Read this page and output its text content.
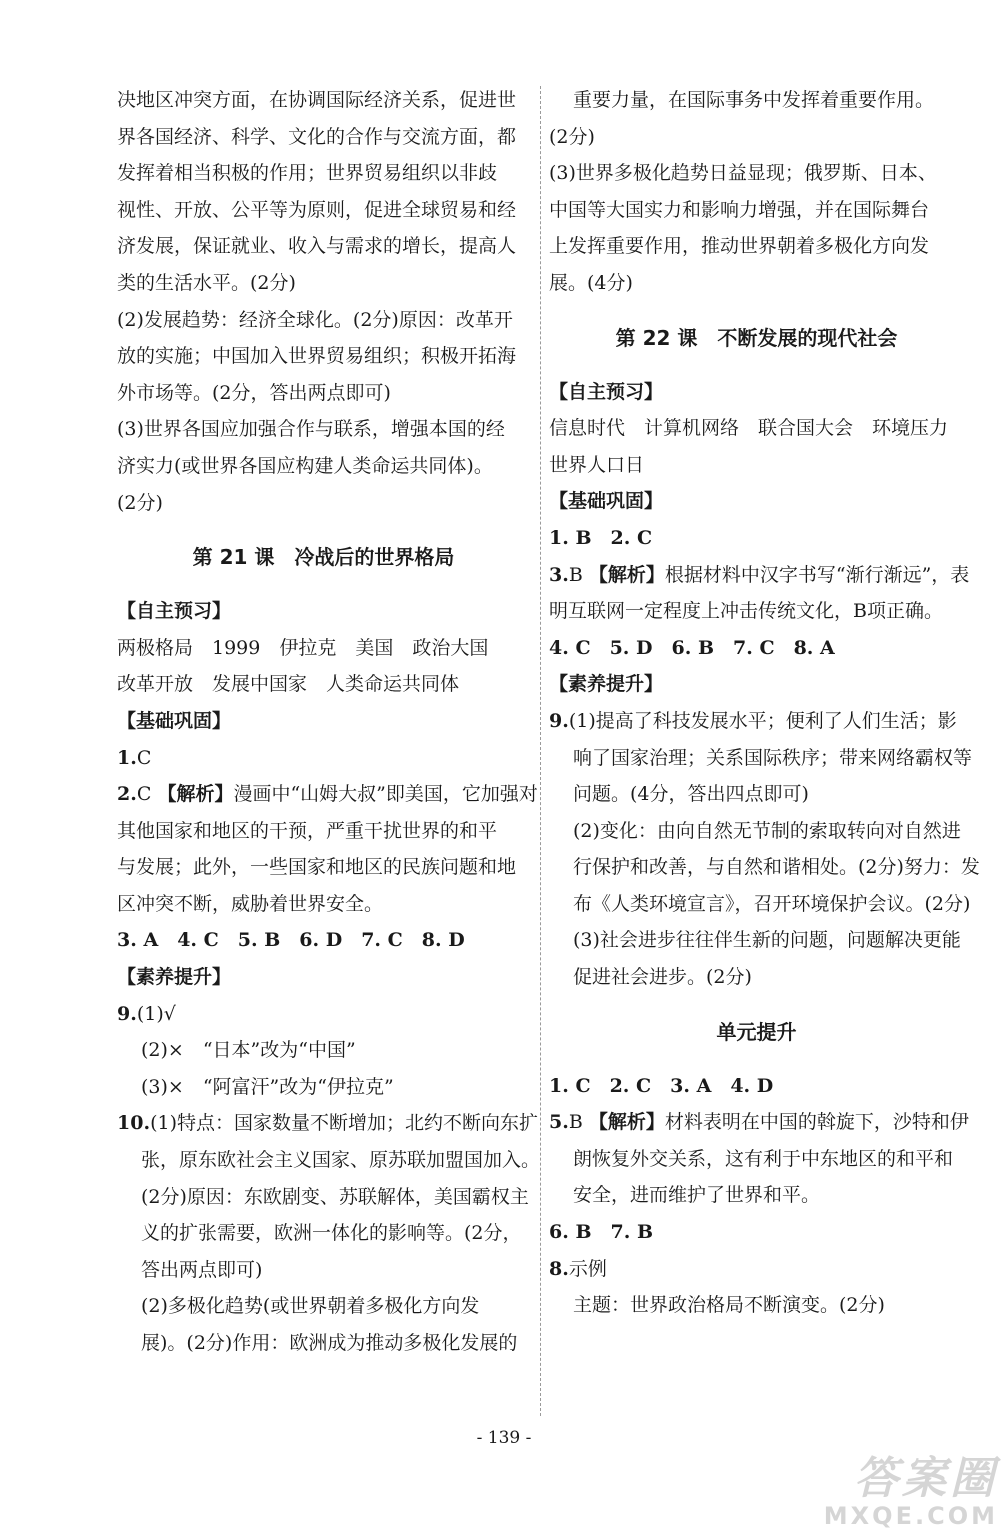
决地区冲突方面，在协调国际经济关系，促进世
界各国经济、科学、文化的合作与交流方面，都
发挥着相当积极的作用；世界贸易组织以非歧
视性、开放、公平等为原则，促进全球贸易和经
济发展，保证就业、收入与需求的增长，提高人
类的生活水平。(2分)
(2)发展趋势：经济全球化。(2分)原因：改革开
放的实施；中国加入世界贸易组织；积极开拓海
外市场等。(2分，答出两点即可)
(3)世界各国应加强合作与联系，增强本国的经
济实力(或世界各国应构建人类命运共同体)。
(2分)
第 21 课　冷战后的世界格局
【自主预习】
两极格局　1999　伊拉克　美国　政治大国
改革开放　发展中国家　人类命运共同体
【基础巩固】
1.C
2.C 【解析】漫画中“山姆大叔”即美国，它加强对
其他国家和地区的干预，严重干扰世界的和平
与发展；此外，一些国家和地区的民族问题和地
区冲突不断，威胁着世界安全。
3. A　4. C　5. B　6. D　7. C　8. D
【素养提升】
9.(1)√
(2)×　“日本”改为“中国”
(3)×　“阿富汗”改为“伊拉克”
10.(1)特点：国家数量不断增加；北约不断向东扩
张，原东欧社会主义国家、原苏联加盟国加入。
(2分)原因：东欧剧变、苏联解体，美国霸权主
义的扩张需要，欧洲一体化的影响等。(2分，
答出两点即可)
(2)多极化趋势(或世界朝着多极化方向发
展)。(2分)作用：欧洲成为推动多极化发展的
重要力量，在国际事务中发挥着重要作用。
(2分)
(3)世界多极化趋势日益显现；俄罗斯、日本、
中国等大国实力和影响力增强，并在国际舞台
上发挥重要作用，推动世界朝着多极化方向发
展。(4分)
第 22 课　不断发展的现代社会
【自主预习】
信息时代　计算机网络　联合国大会　环境压力
世界人口日
【基础巩固】
1. B　2. C
3.B 【解析】根据材料中汉字书写“渐行渐远”，表
明互联网一定程度上冲击传统文化，B项正确。
4. C　5. D　6. B　7. C　8. A
【素养提升】
9.(1)提高了科技发展水平；便利了人们生活；影
响了国家治理；关系国际秩序；带来网络霸权等
问题。(4分，答出四点即可)
(2)变化：由向自然无节制的索取转向对自然进
行保护和改善，与自然和谐相处。(2分)努力：发
布《人类环境宣言》，召开环境保护会议。(2分)
(3)社会进步往往伴生新的问题，问题解决更能
促进社会进步。(2分)
单元提升
1. C　2. C　3. A　4. D
5.B 【解析】材料表明在中国的斡旋下，沙特和伊
朗恢复外交关系，这有利于中东地区的和平和
安全，进而维护了世界和平。
6. B　7. B
8.示例
主题：世界政治格局不断演变。(2分)
- 139 -
答案圈
MXQE.COM
